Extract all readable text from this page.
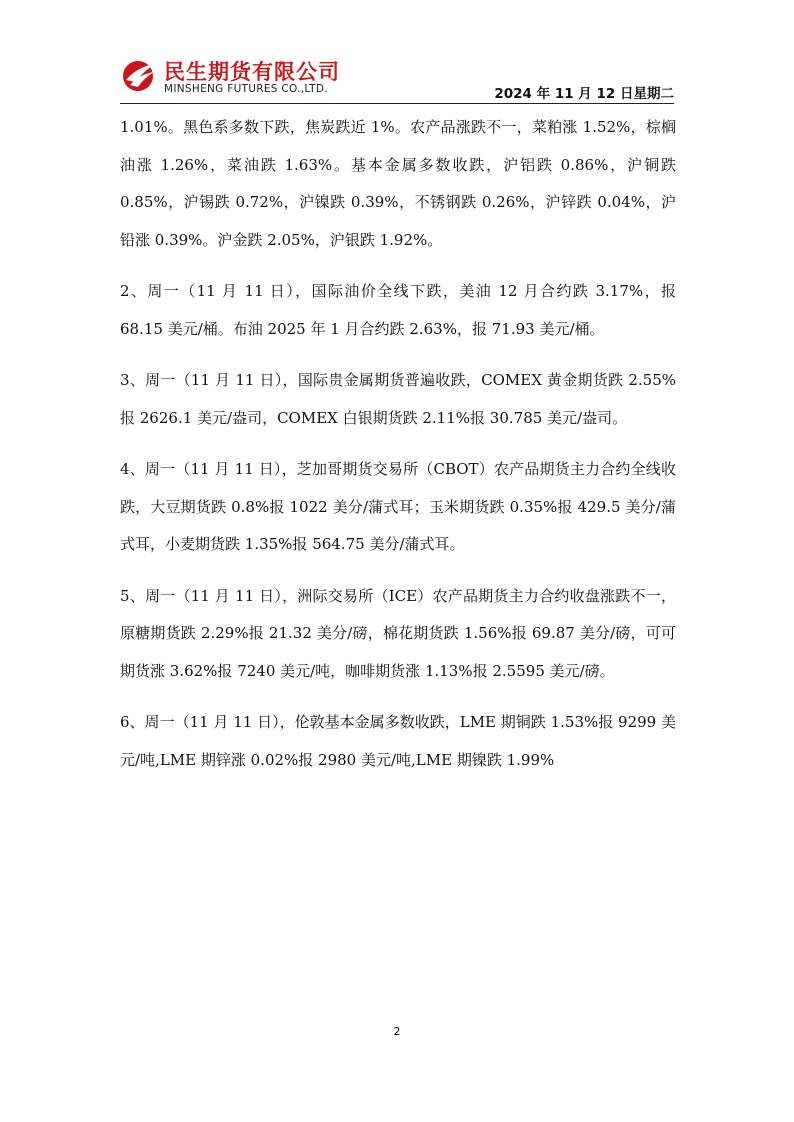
民生期货有限公司
MINSHENG FUTURES CO.,LTD.	2024 年 11 月 12 日星期二

1.01%。黑色系多数下跌，焦炭跌近 1%。农产品涨跌不一，菜粕涨 1.52%，棕榈油涨 1.26%，菜油跌 1.63%。基本金属多数收跌，沪铝跌 0.86%，沪铜跌 0.85%，沪锡跌 0.72%，沪镍跌 0.39%，不锈钢跌 0.26%，沪锌跌 0.04%，沪铅涨 0.39%。沪金跌 2.05%，沪银跌 1.92%。

2、周一（11 月 11 日），国际油价全线下跌，美油 12 月合约跌 3.17%，报 68.15 美元/桶。布油 2025 年 1 月合约跌 2.63%，报 71.93 美元/桶。

3、周一（11 月 11 日），国际贵金属期货普遍收跌，COMEX 黄金期货跌 2.55%报 2626.1 美元/盎司，COMEX 白银期货跌 2.11%报 30.785 美元/盎司。

4、周一（11 月 11 日），芝加哥期货交易所（CBOT）农产品期货主力合约全线收跌，大豆期货跌 0.8%报 1022 美分/蒲式耳；玉米期货跌 0.35%报 429.5 美分/蒲式耳，小麦期货跌 1.35%报 564.75 美分/蒲式耳。

5、周一（11 月 11 日），洲际交易所（ICE）农产品期货主力合约收盘涨跌不一，原糖期货跌 2.29%报 21.32 美分/磅，棉花期货跌 1.56%报 69.87 美分/磅，可可期货涨 3.62%报 7240 美元/吨，咖啡期货涨 1.13%报 2.5595 美元/磅。

6、周一（11 月 11 日），伦敦基本金属多数收跌，LME 期铜跌 1.53%报 9299 美元/吨,LME 期锌涨 0.02%报 2980 美元/吨,LME 期镍跌 1.99%

2
